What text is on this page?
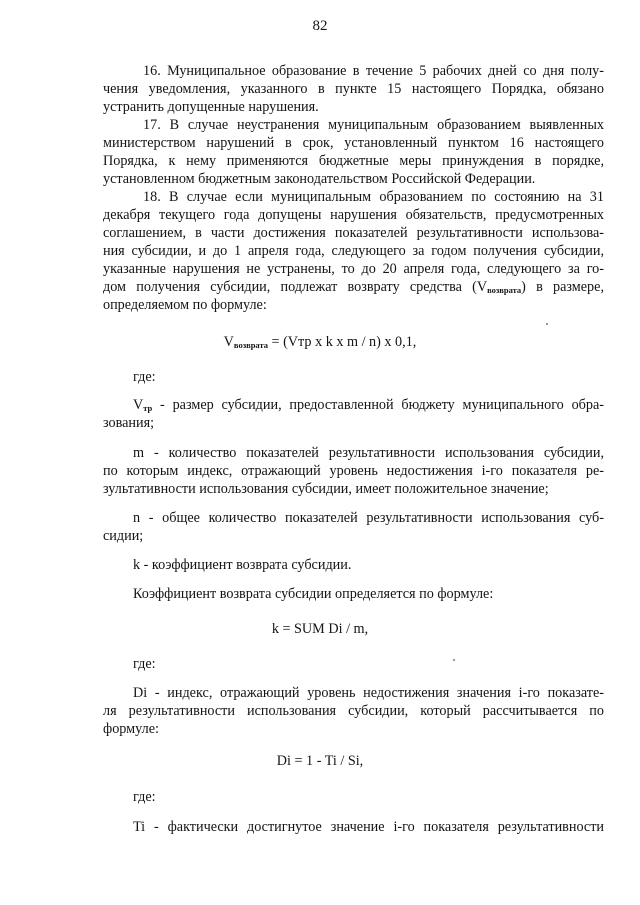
82
16. Муниципальное образование в течение 5 рабочих дней со дня полу-
чения уведомления, указанного в пункте 15 настоящего Порядка, обязано
устранить допущенные нарушения.
17. В случае неустранения муниципальным образованием выявленных
министерством нарушений в срок, установленный пунктом 16 настоящего
Порядка, к нему применяются бюджетные меры принуждения в порядке,
установленном бюджетным законодательством Российской Федерации.
18. В случае если муниципальным образованием по состоянию на 31
декабря текущего года допущены нарушения обязательств, предусмотренных
соглашением, в части достижения показателей результативности использова-
ния субсидии, и до 1 апреля года, следующего за годом получения субсидии,
указанные нарушения не устранены, то до 20 апреля года, следующего за го-
дом получения субсидии, подлежат возврату средства $(V_{возврата})$ в размере,
определяемом по формуле:
$V_{возврата} = (Vтр$ x k x m / n) x 0,1,
где:
$V_{тр}$ - размер субсидии, предоставленной бюджету муниципального обра-
зования;
m - количество показателей результативности использования субсидии,
по которым индекс, отражающий уровень недостижения i-го показателя ре-
зультативности использования субсидии, имеет положительное значение;
n - общее количество показателей результативности использования суб-
сидии;
k - коэффициент возврата субсидии.
Коэффициент возврата субсидии определяется по формуле:
k = SUM Di / m,
где:
Di - индекс, отражающий уровень недостижения значения i-го показате-
ля результативности использования субсидии, который рассчитывается по
формуле:
Di = 1 - Ti / Si,
где:
Ti - фактически достигнутое значение i-го показателя результативности
